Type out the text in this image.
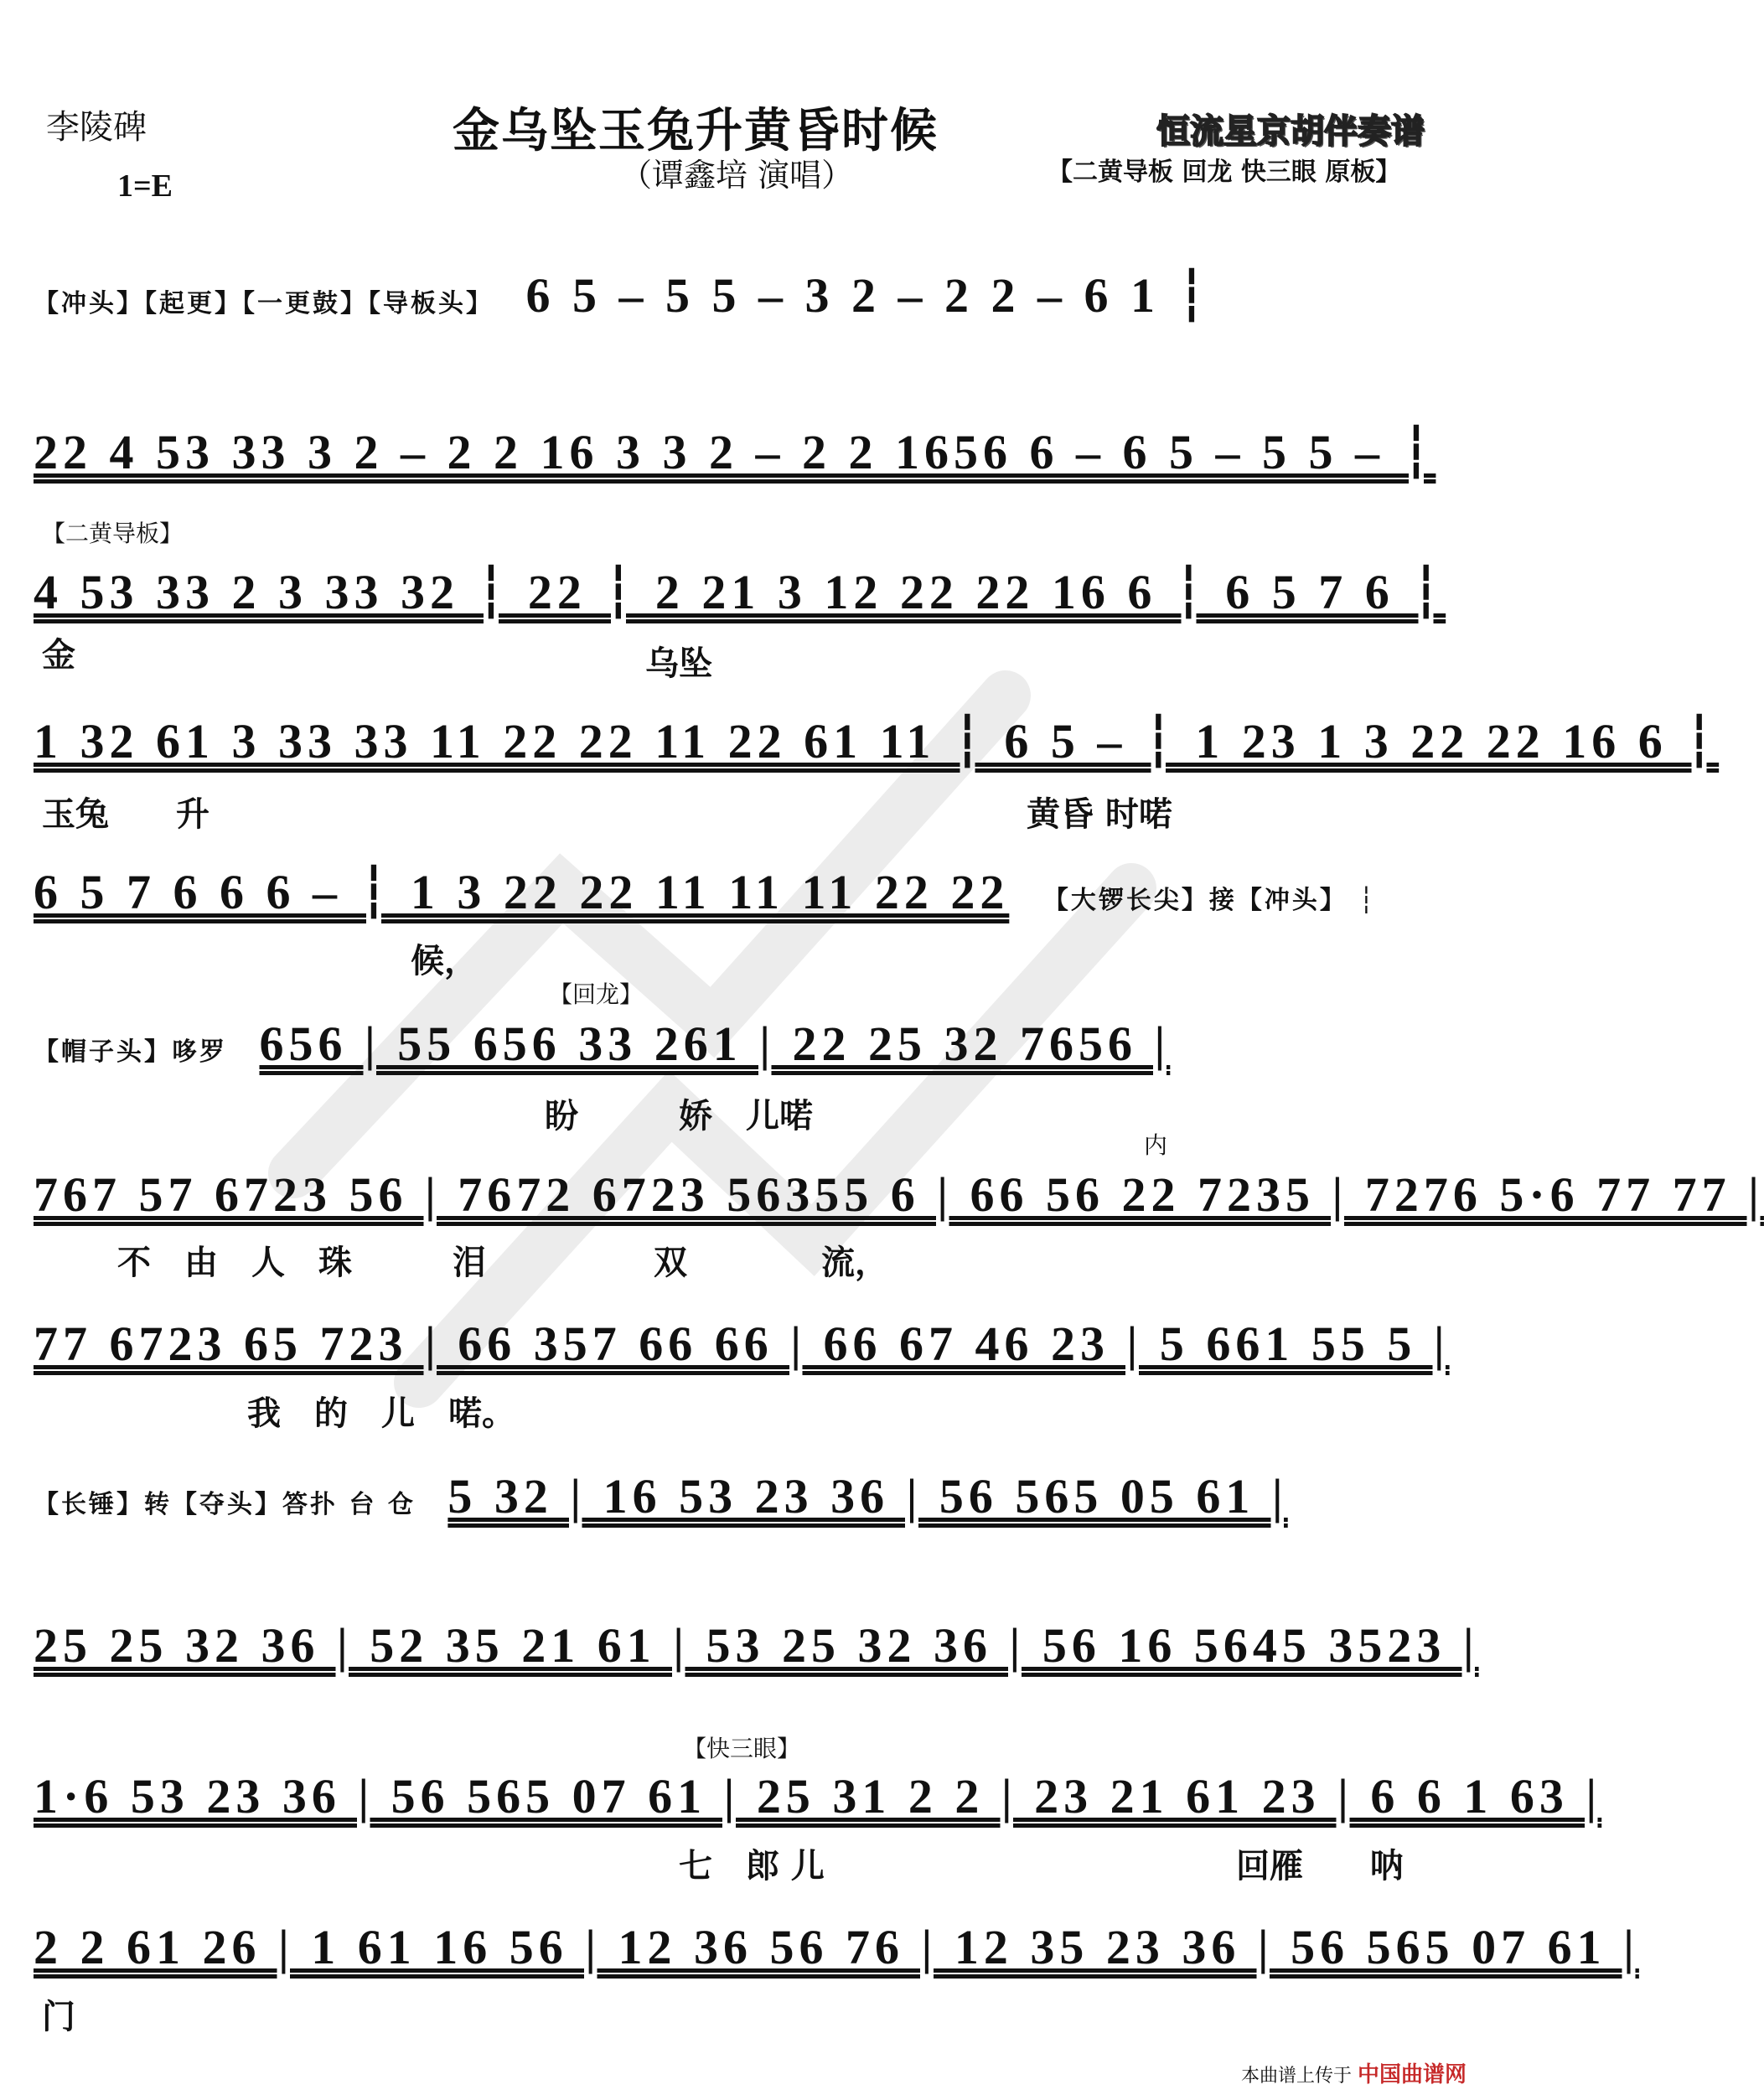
李陵碑
1=E
金乌坠玉兔升黄昏时候
（谭鑫培 演唱）
恒流星京胡伴奏谱
【二黄导板 回龙 快三眼 原板】
【冲头】【起更】【一更鼓】【导板头】 6 5 – 5 5 – 3 2 – 2 2 – 6 1 ┆
22 4 53 33 3 2 – 2 2 16 3 3 2 – 2 2 1656 6 – 6 5 – 5 5 – ┆
【二黄导板】
4 53 33 2 3 33 32 ┆ 22 ┆ 2 21 3 12 22 22 16 6 ┆ 6 5 7 6 ┆
金	乌坠
1 32 61 3 33 33 11 22 22 11 22 61 11 ┆ 6 5 – ┆ 1 23 1 3 22 22 16 6 ┆
玉兔　　升	黄昏 时喏
6 5 7 6 6 6 – ┆ 1 3 22 22 11 11 11 22 22 【大锣长尖】接【冲头】 ┆
候，
【回龙】
【帽子头】哆罗 656 | 55 656 33 261 | 22 25 32 7656 |
盼　　　娇　儿喏
内
767 57 6723 56 | 7672 6723 56355 6 | 66 56 22 7235 | 7276 5·6 77 77 |
不　由　人　珠　　　泪　　　　　双　　　　流，
77 6723 65 723 | 66 357 66 66 | 66 67 46 23 | 5 661 55 5 |
我　的　儿　喏。
【长锤】转【夺头】答扑 台 仓 5 32 | 16 53 23 36 | 56 565 05 61 |
25 25 32 36 | 52 35 21 61 | 53 25 32 36 | 56 16 5645 3523 |
【快三眼】
1·6 53 23 36 | 56 565 07 61 | 25 31 2 2 | 23 21 61 23 | 6 6 1 63 |
七　郎 儿	回雁　　呐
2 2 61 26 | 1 61 16 56 | 12 36 56 76 | 12 35 23 36 | 56 565 07 61 |
门
本曲谱上传于 中国曲谱网
